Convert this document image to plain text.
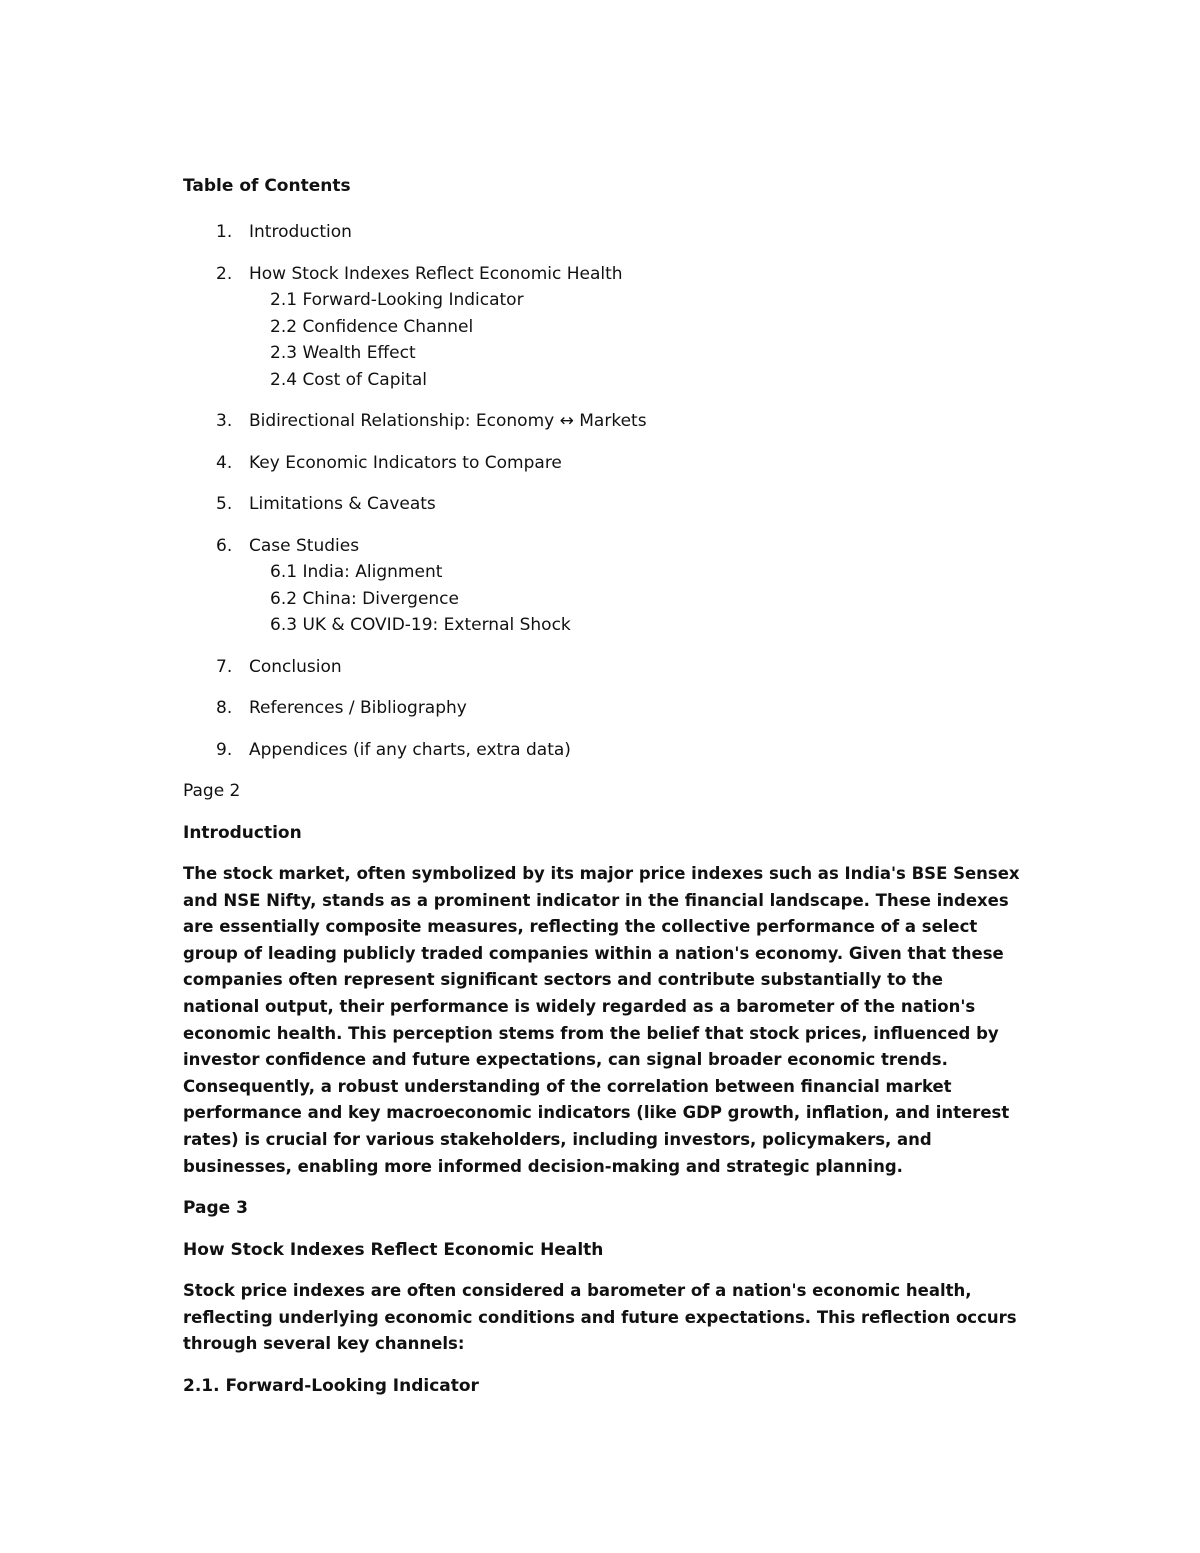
Table of Contents
1. Introduction
2. How Stock Indexes Reflect Economic Health
2.1 Forward-Looking Indicator
2.2 Confidence Channel
2.3 Wealth Effect
2.4 Cost of Capital
3. Bidirectional Relationship: Economy ↔ Markets
4. Key Economic Indicators to Compare
5. Limitations & Caveats
6. Case Studies
6.1 India: Alignment
6.2 China: Divergence
6.3 UK & COVID-19: External Shock
7. Conclusion
8. References / Bibliography
9. Appendices (if any charts, extra data)
Page 2
Introduction

The stock market, often symbolized by its major price indexes such as India's BSE Sensex and NSE Nifty, stands as a prominent indicator in the financial landscape. These indexes are essentially composite measures, reflecting the collective performance of a select group of leading publicly traded companies within a nation's economy. Given that these companies often represent significant sectors and contribute substantially to the national output, their performance is widely regarded as a barometer of the nation's economic health. This perception stems from the belief that stock prices, influenced by investor confidence and future expectations, can signal broader economic trends. Consequently, a robust understanding of the correlation between financial market performance and key macroeconomic indicators (like GDP growth, inflation, and interest rates) is crucial for various stakeholders, including investors, policymakers, and businesses, enabling more informed decision-making and strategic planning.

Page 3
How Stock Indexes Reflect Economic Health

Stock price indexes are often considered a barometer of a nation's economic health, reflecting underlying economic conditions and future expectations. This reflection occurs through several key channels:

2.1. Forward-Looking Indicator
